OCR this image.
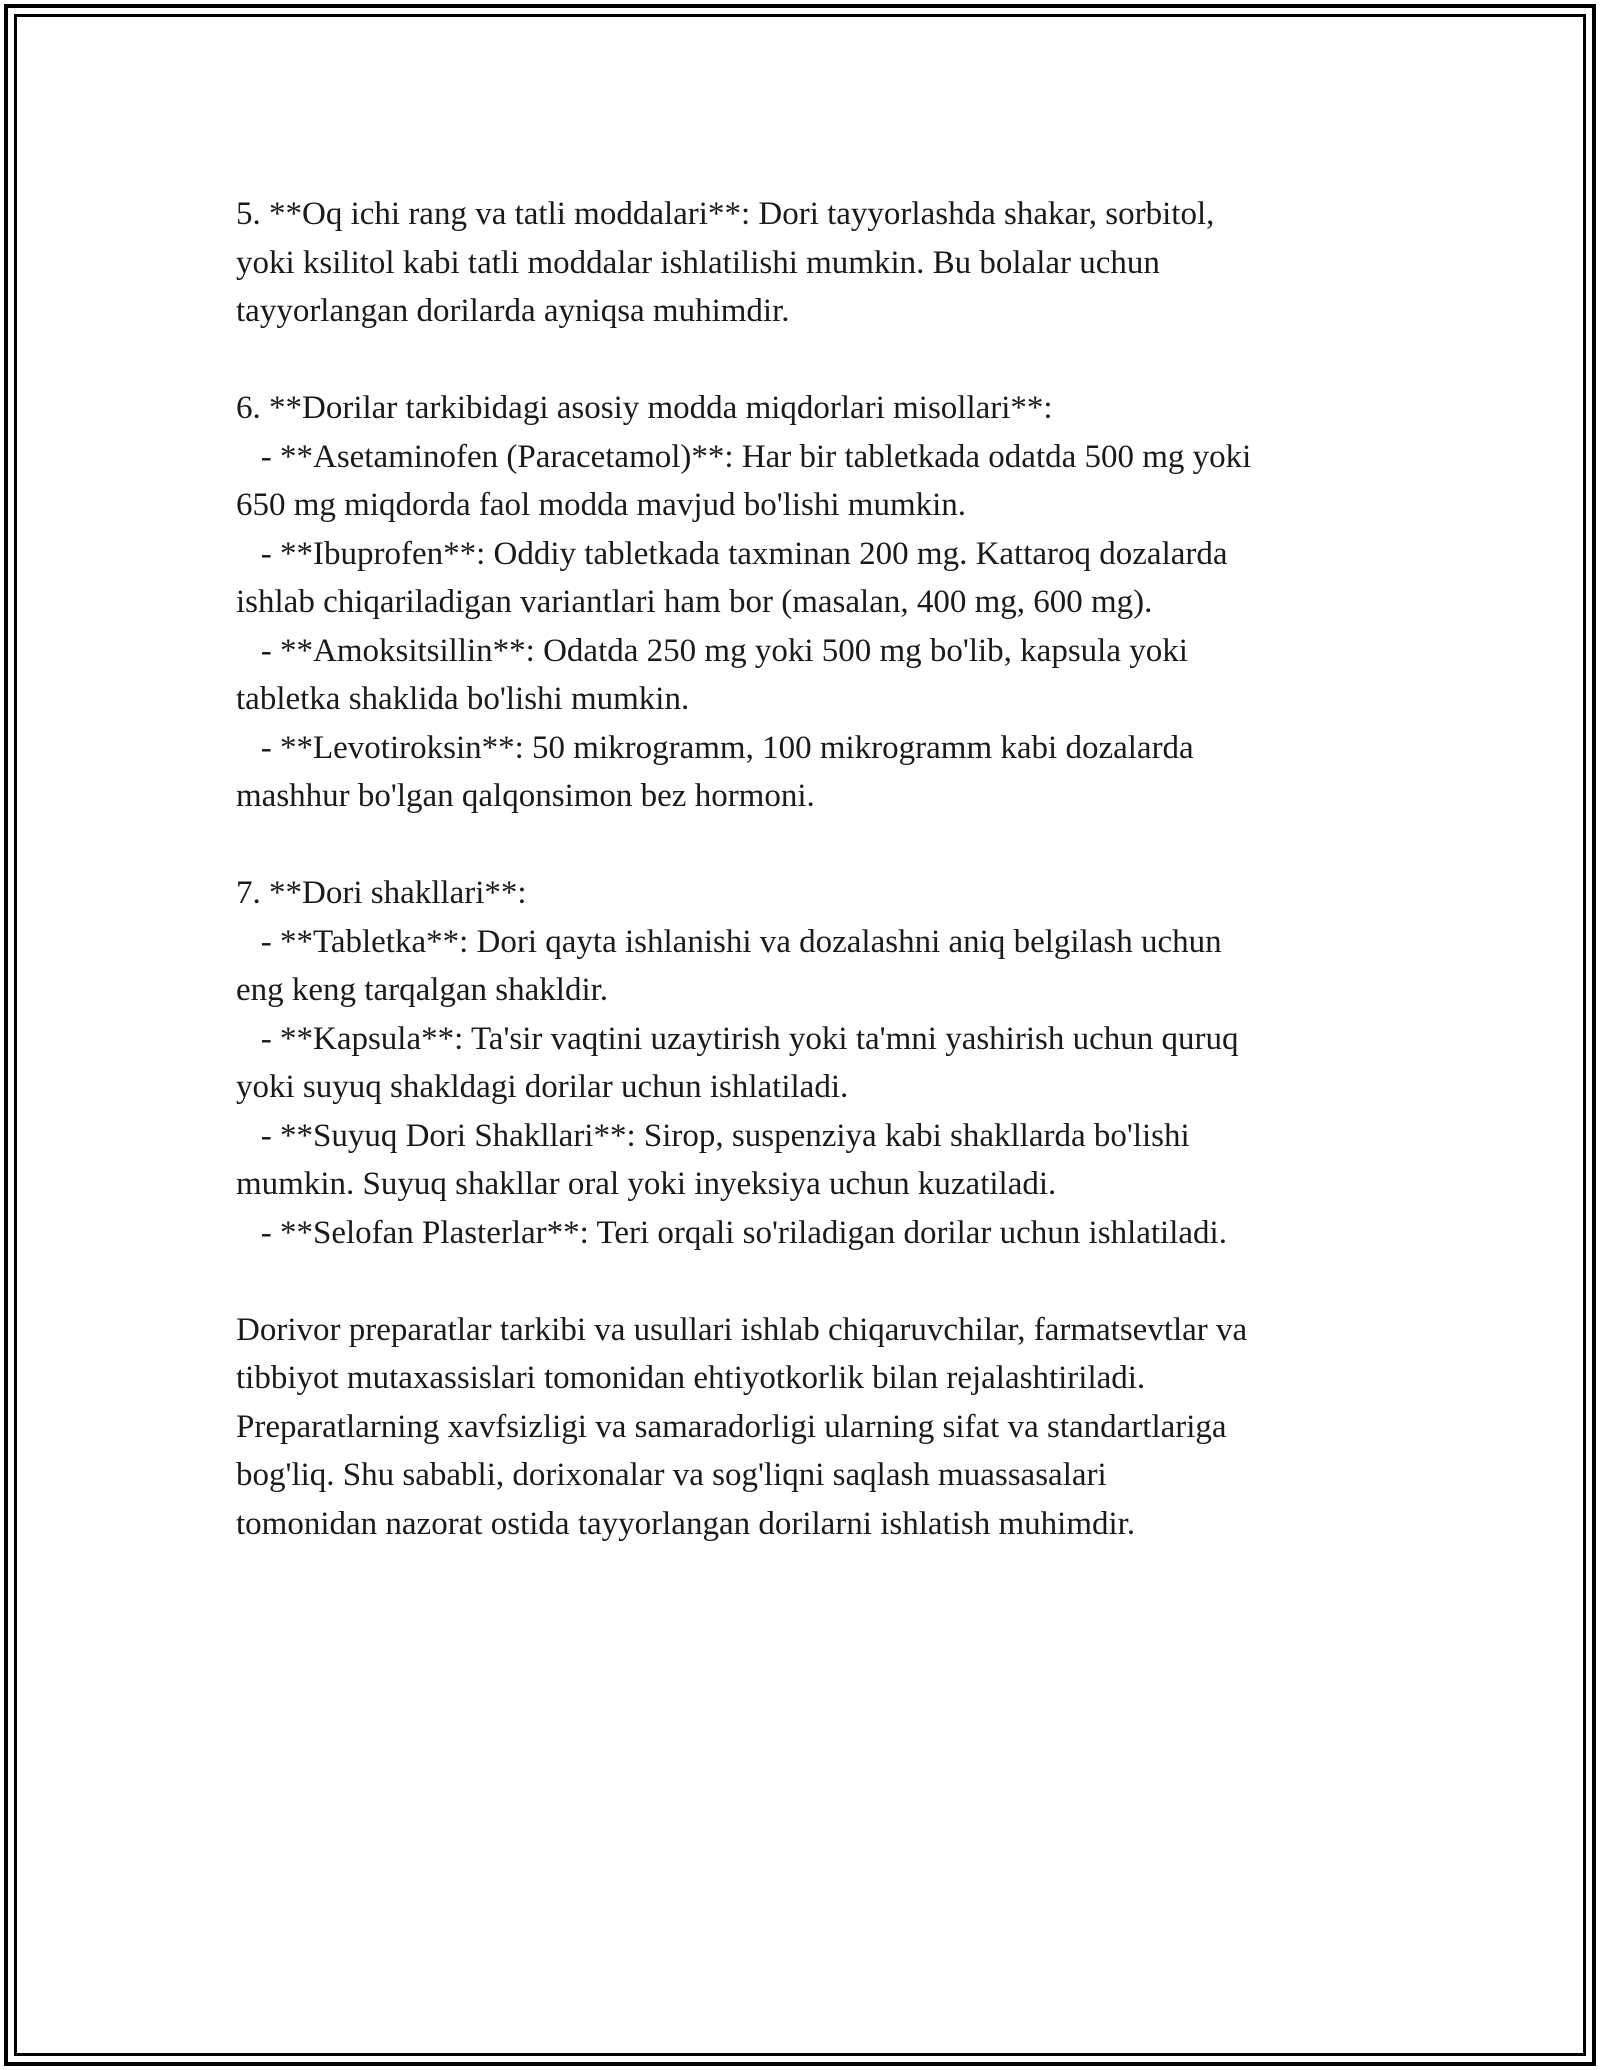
5. **Oq ichi rang va tatli moddalari**: Dori tayyorlashda shakar, sorbitol,
yoki ksilitol kabi tatli moddalar ishlatilishi mumkin. Bu bolalar uchun
tayyorlangan dorilarda ayniqsa muhimdir.
6. **Dorilar tarkibidagi asosiy modda miqdorlari misollari**:
- **Asetaminofen (Paracetamol)**: Har bir tabletkada odatda 500 mg yoki
650 mg miqdorda faol modda mavjud bo'lishi mumkin.
- **Ibuprofen**: Oddiy tabletkada taxminan 200 mg. Kattaroq dozalarda
ishlab chiqariladigan variantlari ham bor (masalan, 400 mg, 600 mg).
- **Amoksitsillin**: Odatda 250 mg yoki 500 mg bo'lib, kapsula yoki
tabletka shaklida bo'lishi mumkin.
- **Levotiroksin**: 50 mikrogramm, 100 mikrogramm kabi dozalarda
mashhur bo'lgan qalqonsimon bez hormoni.
7. **Dori shakllari**:
- **Tabletka**: Dori qayta ishlanishi va dozalashni aniq belgilash uchun
eng keng tarqalgan shakldir.
- **Kapsula**: Ta'sir vaqtini uzaytirish yoki ta'mni yashirish uchun quruq
yoki suyuq shakldagi dorilar uchun ishlatiladi.
- **Suyuq Dori Shakllari**: Sirop, suspenziya kabi shakllarda bo'lishi
mumkin. Suyuq shakllar oral yoki inyeksiya uchun kuzatiladi.
- **Selofan Plasterlar**: Teri orqali so'riladigan dorilar uchun ishlatiladi.
Dorivor preparatlar tarkibi va usullari ishlab chiqaruvchilar, farmatsevtlar va
tibbiyot mutaxassislari tomonidan ehtiyotkorlik bilan rejalashtiriladi.
Preparatlarning xavfsizligi va samaradorligi ularning sifat va standartlariga
bog'liq. Shu sababli, dorixonalar va sog'liqni saqlash muassasalari
tomonidan nazorat ostida tayyorlangan dorilarni ishlatish muhimdir.
